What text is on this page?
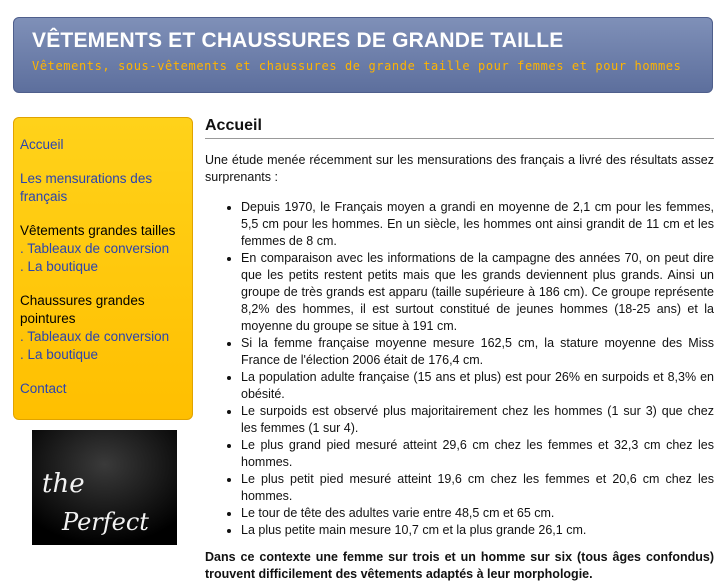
VÊTEMENTS ET CHAUSSURES DE GRANDE TAILLE

Vêtements, sous-vêtements et chaussures de grande taille pour femmes et pour hommes

Accueil
Les mensurations des français
Vêtements grandes tailles
. Tableaux de conversion
. La boutique
Chaussures grandes pointures
. Tableaux de conversion
. La boutique
Contact
the
Perfect
Accueil

Une étude menée récemment sur les mensurations des français a livré des résultats assez surprenants :

• Depuis 1970, le Français moyen a grandi en moyenne de 2,1 cm pour les femmes, 5,5 cm pour les hommes. En un siècle, les hommes ont ainsi grandit de 11 cm et les femmes de 8 cm.
• En comparaison avec les informations de la campagne des années 70, on peut dire que les petits restent petits mais que les grands deviennent plus grands. Ainsi un groupe de très grands est apparu (taille supérieure à 186 cm). Ce groupe représente 8,2% des hommes, il est surtout constitué de jeunes hommes (18-25 ans) et la moyenne du groupe se situe à 191 cm.
• Si la femme française moyenne mesure 162,5 cm, la stature moyenne des Miss France de l'élection 2006 était de 176,4 cm.
• La population adulte française (15 ans et plus) est pour 26% en surpoids et 8,3% en obésité.
• Le surpoids est observé plus majoritairement chez les hommes (1 sur 3) que chez les femmes (1 sur 4).
• Le plus grand pied mesuré atteint 29,6 cm chez les femmes et 32,3 cm chez les hommes.
• Le plus petit pied mesuré atteint 19,6 cm chez les femmes et 20,6 cm chez les hommes.
• Le tour de tête des adultes varie entre 48,5 cm et 65 cm.
• La plus petite main mesure 10,7 cm et la plus grande 26,1 cm.

Dans ce contexte une femme sur trois et un homme sur six (tous âges confondus) trouvent difficilement des vêtements adaptés à leur morphologie.
